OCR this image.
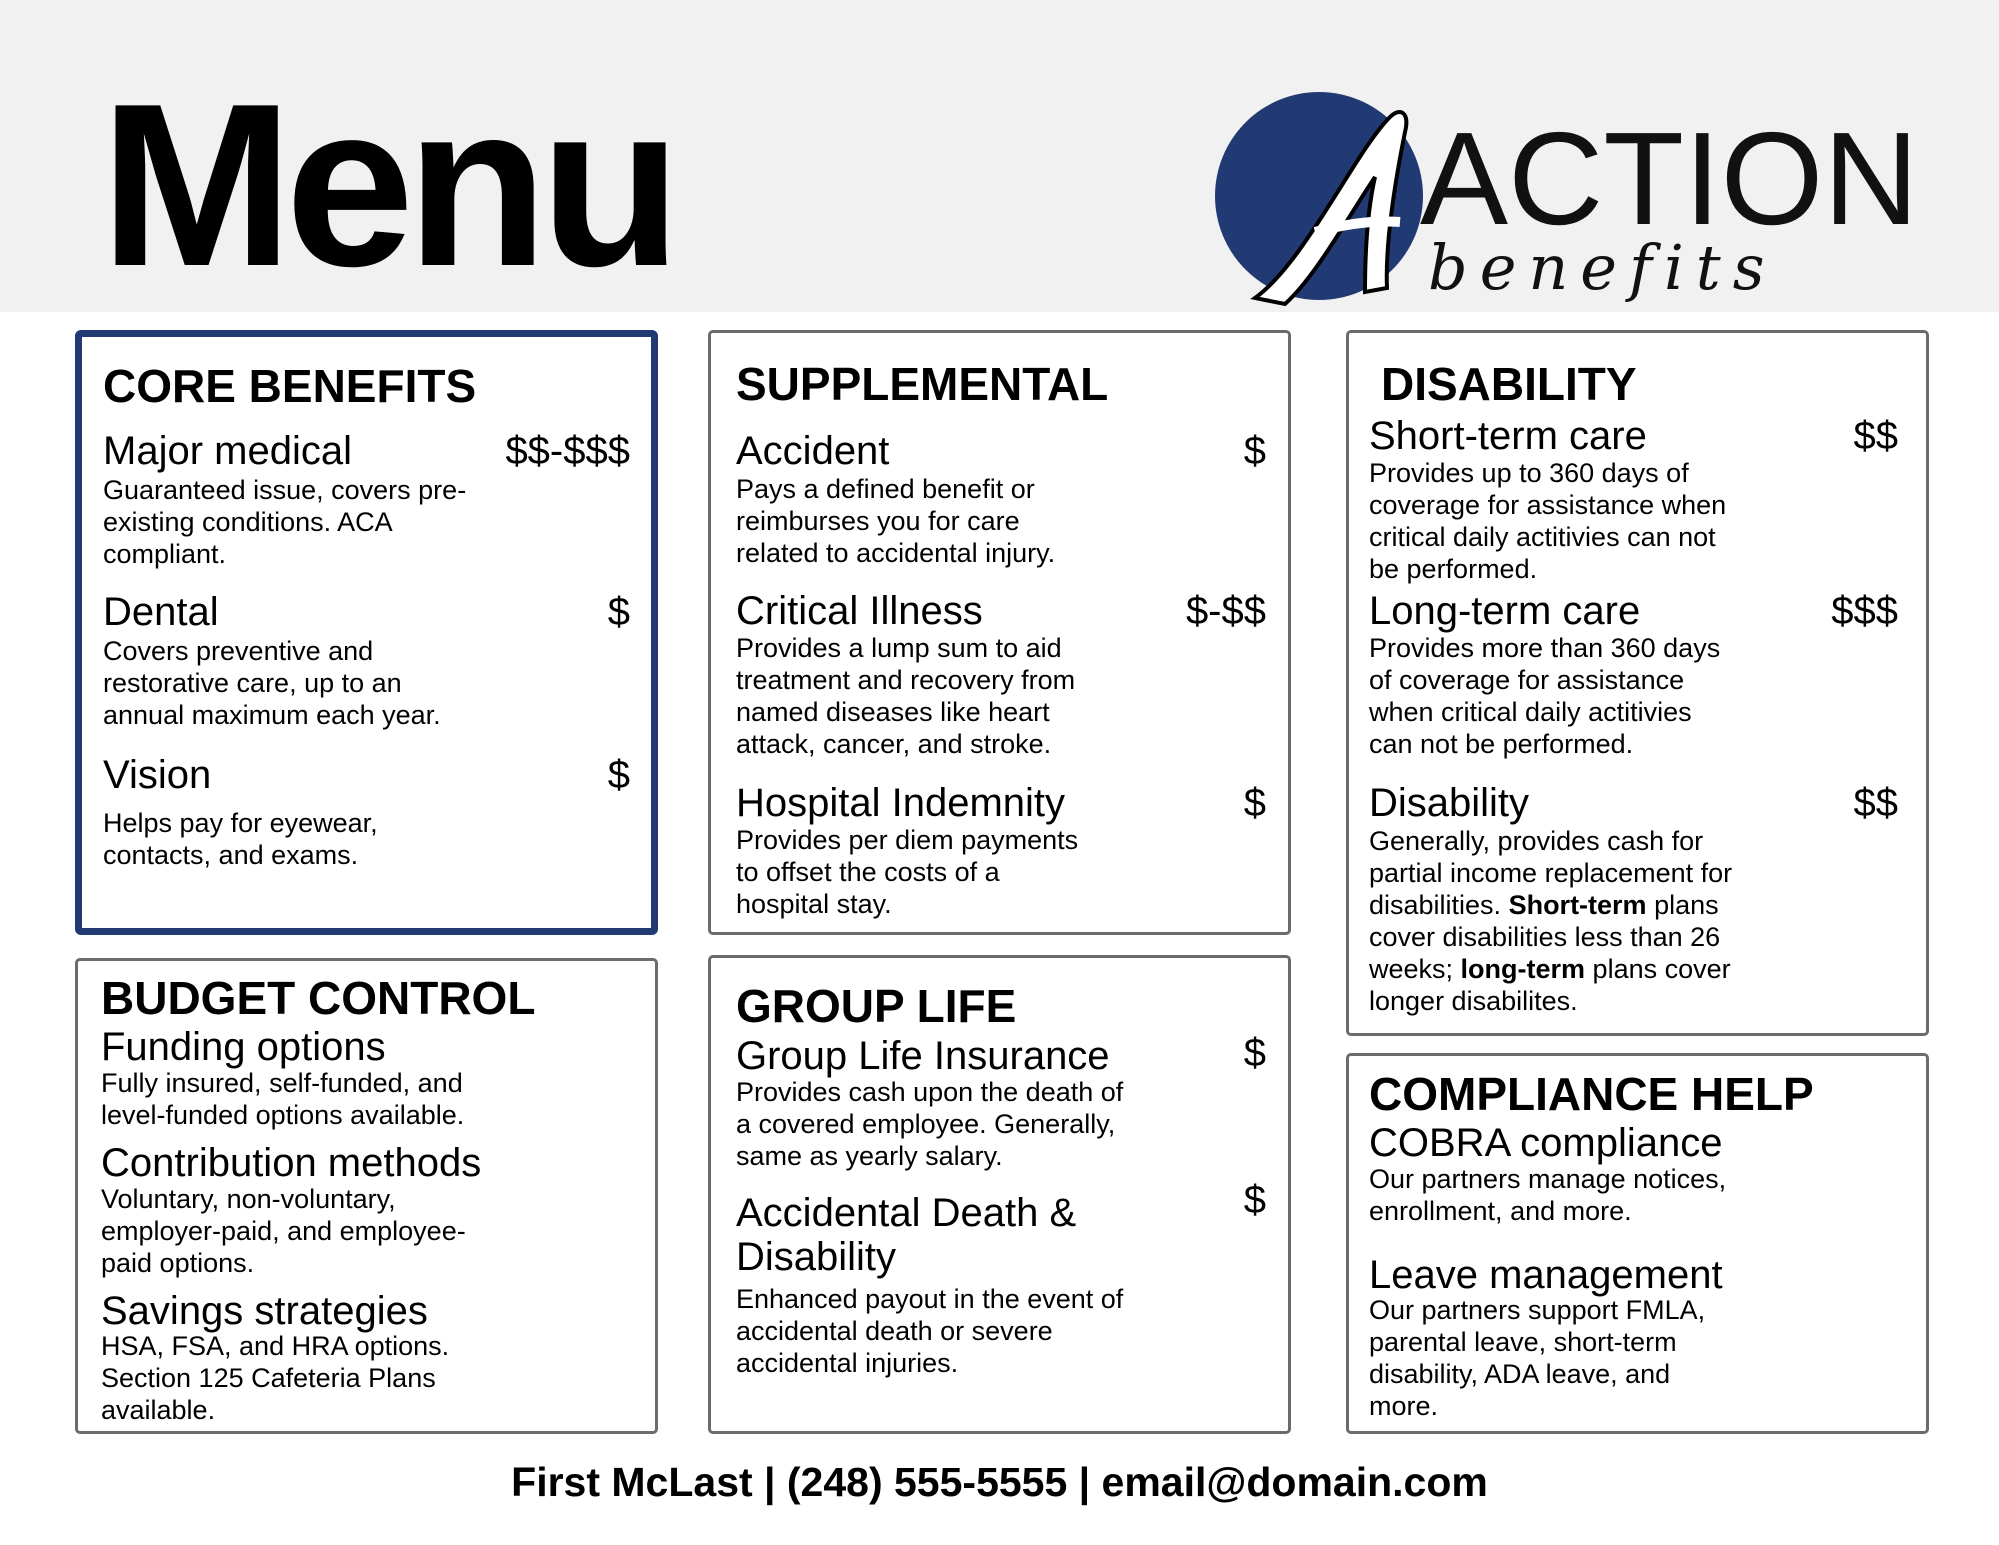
Menu	ACTION
benefits
CORE BENEFITS
Major medical	$$-$$$
Guaranteed issue, covers pre-
existing conditions. ACA
compliant.
Dental	$
Covers preventive and
restorative care, up to an
annual maximum each year.
Vision	$
Helps pay for eyewear,
contacts, and exams.
SUPPLEMENTAL
Accident	$
Pays a defined benefit or
reimburses you for care
related to accidental injury.
Critical Illness	$-$$
Provides a lump sum to aid
treatment and recovery from
named diseases like heart
attack, cancer, and stroke.
Hospital Indemnity	$
Provides per diem payments
to offset the costs of a
hospital stay.
DISABILITY
Short-term care	$$
Provides up to 360 days of
coverage for assistance when
critical daily actitivies can not
be performed.
Long-term care	$$$
Provides more than 360 days
of coverage for assistance
when critical daily actitivies
can not be performed.
Disability	$$
Generally, provides cash for
partial income replacement for
disabilities. Short-term plans
cover disabilities less than 26
weeks; long-term plans cover
longer disabilites.
BUDGET CONTROL
Funding options
Fully insured, self-funded, and
level-funded options available.
Contribution methods
Voluntary, non-voluntary,
employer-paid, and employee-
paid options.
Savings strategies
HSA, FSA, and HRA options.
Section 125 Cafeteria Plans
available.
GROUP LIFE
Group Life Insurance	$
Provides cash upon the death of
a covered employee. Generally,
same as yearly salary.
Accidental Death &
Disability
$
Enhanced payout in the event of
accidental death or severe
accidental injuries.
COMPLIANCE HELP
COBRA compliance
Our partners manage notices,
enrollment, and more.
Leave management
Our partners support FMLA,
parental leave, short-term
disability, ADA leave, and
more.
First McLast | (248) 555-5555 | email@domain.com
